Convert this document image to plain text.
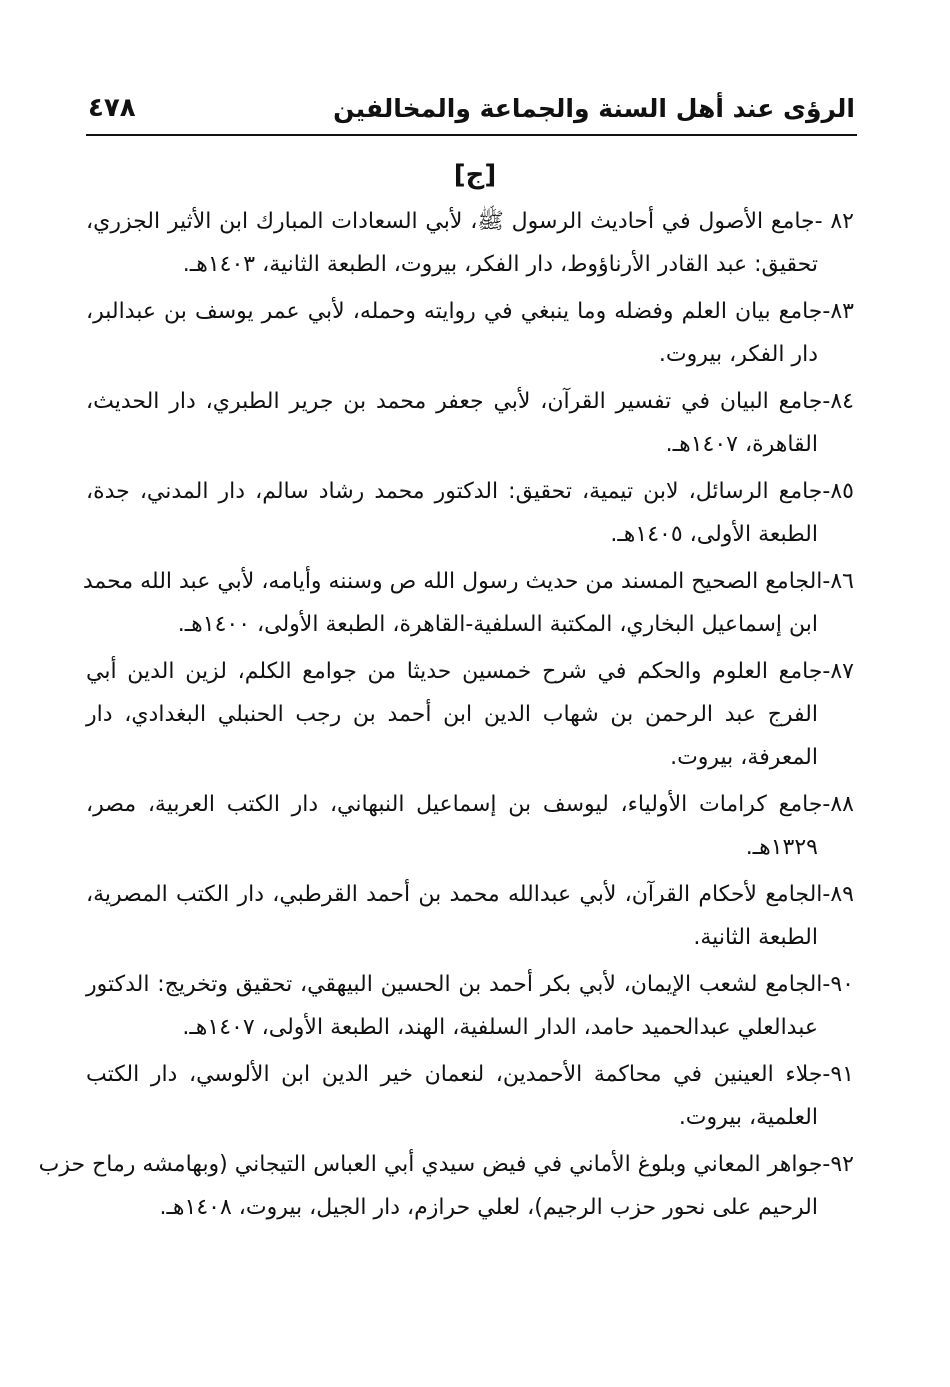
الرؤى عند أهل السنة والجماعة والمخالفين
٤٧٨
[ج]
٨٢ -جامع الأصول في أحاديث الرسول ﷺ، لأبي السعادات المبارك ابن الأثير الجزري،
تحقيق: عبد القادر الأرناؤوط، دار الفكر، بيروت، الطبعة الثانية، ١٤٠٣هـ.
٨٣-جامع بيان العلم وفضله وما ينبغي في روايته وحمله، لأبي عمر يوسف بن عبدالبر،
دار الفكر، بيروت.
٨٤-جامع البيان في تفسير القرآن، لأبي جعفر محمد بن جرير الطبري، دار الحديث،
القاهرة، ١٤٠٧هـ.
٨٥-جامع الرسائل، لابن تيمية، تحقيق: الدكتور محمد رشاد سالم، دار المدني، جدة،
الطبعة الأولى، ١٤٠٥هـ.
٨٦-الجامع الصحيح المسند من حديث رسول الله ص وسننه وأيامه، لأبي عبد الله محمد
ابن إسماعيل البخاري، المكتبة السلفية-القاهرة، الطبعة الأولى، ١٤٠٠هـ.
٨٧-جامع العلوم والحكم في شرح خمسين حديثا من جوامع الكلم، لزين الدين أبي
الفرج عبد الرحمن بن شهاب الدين ابن أحمد بن رجب الحنبلي البغدادي، دار
المعرفة، بيروت.
٨٨-جامع كرامات الأولياء، ليوسف بن إسماعيل النبهاني، دار الكتب العربية، مصر،
١٣٢٩هـ.
٨٩-الجامع لأحكام القرآن، لأبي عبدالله محمد بن أحمد القرطبي، دار الكتب المصرية،
الطبعة الثانية.
٩٠-الجامع لشعب الإيمان، لأبي بكر أحمد بن الحسين البيهقي، تحقيق وتخريج: الدكتور
عبدالعلي عبدالحميد حامد، الدار السلفية، الهند، الطبعة الأولى، ١٤٠٧هـ.
٩١-جلاء العينين في محاكمة الأحمدين، لنعمان خير الدين ابن الألوسي، دار الكتب
العلمية، بيروت.
٩٢-جواهر المعاني وبلوغ الأماني في فيض سيدي أبي العباس التيجاني (وبهامشه رماح حزب
الرحيم على نحور حزب الرجيم)، لعلي حرازم، دار الجيل، بيروت، ١٤٠٨هـ.
